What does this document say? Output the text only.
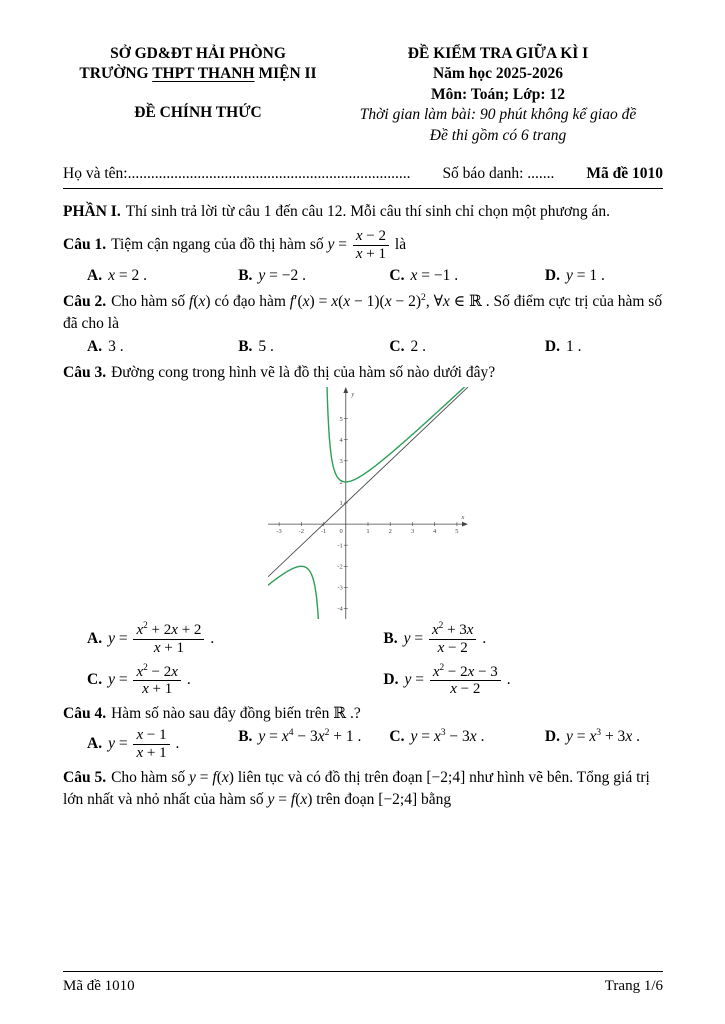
SỞ GD&ĐT HẢI PHÒNG
TRƯỜNG THPT THANH MIỆN II
ĐỀ CHÍNH THỨC
ĐỀ KIỂM TRA GIỮA KÌ I
Năm học 2025-2026
Môn: Toán; Lớp: 12
Thời gian làm bài: 90 phút không kể giao đề
Đề thi gồm có 6 trang
Họ và tên:......................................................................... Số báo danh: ....... Mã đề 1010
PHẦN I. Thí sinh trả lời từ câu 1 đến câu 12. Mỗi câu thí sinh chỉ chọn một phương án.
Câu 1. Tiệm cận ngang của đồ thị hàm số $y = \frac{x - 2}{x + 1}$ là
A. x = 2 .	B. y = −2 .	C. x = −1 .	D. y = 1 .
Câu 2. Cho hàm số f(x) có đạo hàm $f'(x) = x(x - 1)(x - 2)^2$, ∀x ∈ ℝ . Số điểm cực trị của hàm số đã cho là
A. 3 .	B. 5 .	C. 2 .	D. 1 .
Câu 3. Đường cong trong hình vẽ là đồ thị của hàm số nào dưới đây?
x
y
0
-3	-2	-1	1	2	3	4	5
-4
-3
-2
-1
1
2
3
4
5
A. $y = \frac{x^2 + 2x + 2}{x + 1}$ .	B. $y = \frac{x^2 + 3x}{x - 2}$ .
C. $y = \frac{x^2 - 2x}{x + 1}$ .	D. $y = \frac{x^2 - 2x - 3}{x - 2}$ .
Câu 4. Hàm số nào sau đây đồng biến trên ℝ .?
A. $y = \frac{x - 1}{x + 1}$ .	B. $y = x^4 - 3x^2 + 1$ .	C. $y = x^3 - 3x$ .	D. $y = x^3 + 3x$ .
Câu 5. Cho hàm số y = f(x) liên tục và có đồ thị trên đoạn [−2;4] như hình vẽ bên. Tổng giá trị lớn nhất và nhỏ nhất của hàm số y = f(x) trên đoạn [−2;4] bằng
Mã đề 1010	Trang 1/6
